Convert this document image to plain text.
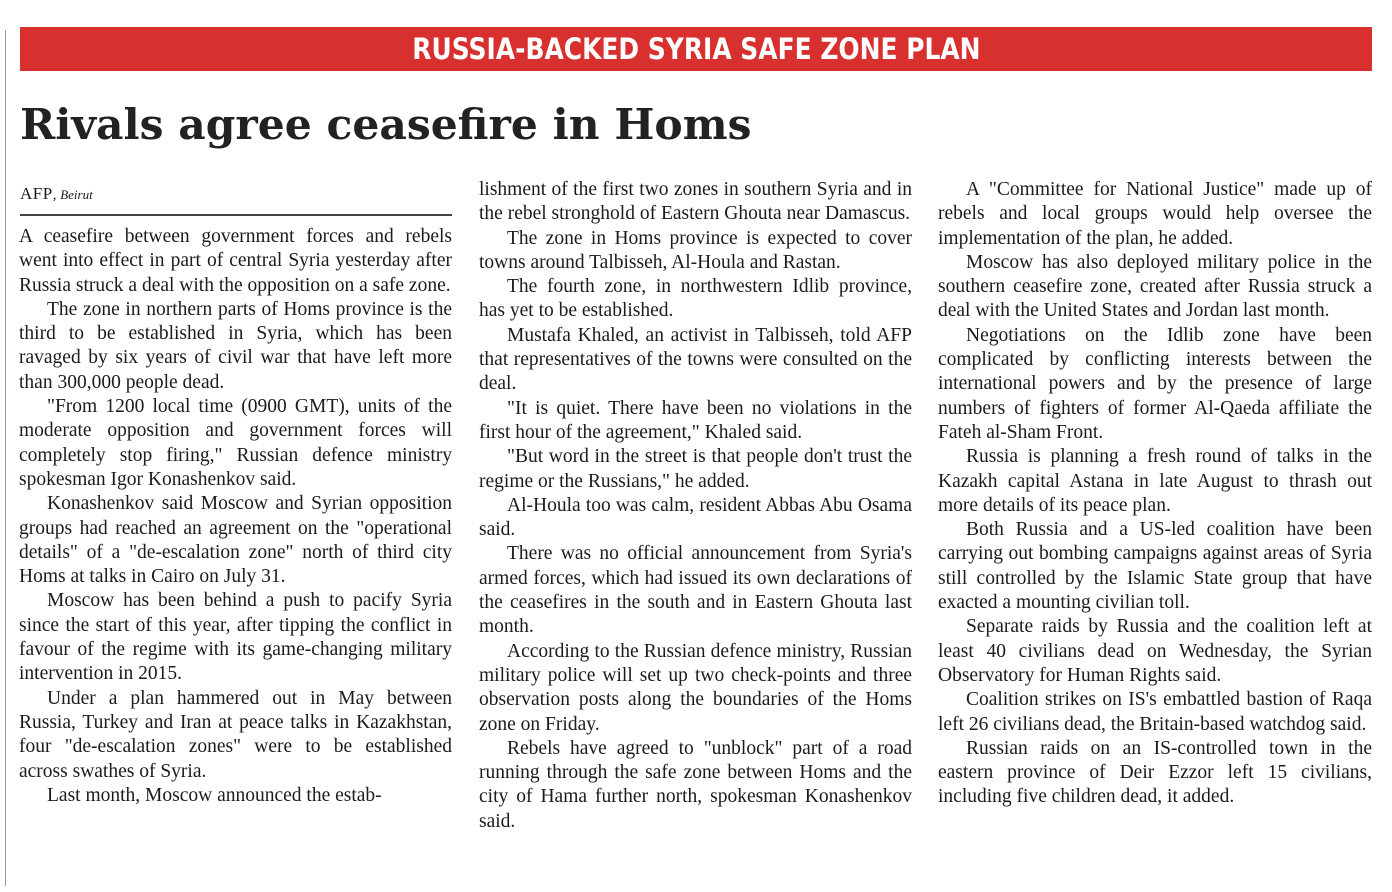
RUSSIA-BACKED SYRIA SAFE ZONE PLAN
Rivals agree ceasefire in Homs
AFP, Beirut

A ceasefire between government forces and rebels went into effect in part of central Syria yesterday after Russia struck a deal with the opposition on a safe zone.

The zone in northern parts of Homs province is the third to be established in Syria, which has been ravaged by six years of civil war that have left more than 300,000 people dead.

"From 1200 local time (0900 GMT), units of the moderate opposition and government forces will completely stop firing," Russian defence ministry spokesman Igor Konashenkov said.

Konashenkov said Moscow and Syrian opposition groups had reached an agreement on the "operational details" of a "de-escalation zone" north of third city Homs at talks in Cairo on July 31.

Moscow has been behind a push to pacify Syria since the start of this year, after tipping the conflict in favour of the regime with its game-changing military intervention in 2015.

Under a plan hammered out in May between Russia, Turkey and Iran at peace talks in Kazakhstan, four "de-escalation zones" were to be established across swathes of Syria.

Last month, Moscow announced the estab-

lishment of the first two zones in southern Syria and in the rebel stronghold of Eastern Ghouta near Damascus.

The zone in Homs province is expected to cover towns around Talbisseh, Al-Houla and Rastan.

The fourth zone, in northwestern Idlib province, has yet to be established.

Mustafa Khaled, an activist in Talbisseh, told AFP that representatives of the towns were consulted on the deal.

"It is quiet. There have been no violations in the first hour of the agreement," Khaled said.

"But word in the street is that people don't trust the regime or the Russians," he added.

Al-Houla too was calm, resident Abbas Abu Osama said.

There was no official announcement from Syria's armed forces, which had issued its own declarations of the ceasefires in the south and in Eastern Ghouta last month.

According to the Russian defence ministry, Russian military police will set up two check-points and three observation posts along the boundaries of the Homs zone on Friday.

Rebels have agreed to "unblock" part of a road running through the safe zone between Homs and the city of Hama further north, spokesman Konashenkov said.

A "Committee for National Justice" made up of rebels and local groups would help oversee the implementation of the plan, he added.

Moscow has also deployed military police in the southern ceasefire zone, created after Russia struck a deal with the United States and Jordan last month.

Negotiations on the Idlib zone have been complicated by conflicting interests between the international powers and by the presence of large numbers of fighters of former Al-Qaeda affiliate the Fateh al-Sham Front.

Russia is planning a fresh round of talks in the Kazakh capital Astana in late August to thrash out more details of its peace plan.

Both Russia and a US-led coalition have been carrying out bombing campaigns against areas of Syria still controlled by the Islamic State group that have exacted a mounting civilian toll.

Separate raids by Russia and the coalition left at least 40 civilians dead on Wednesday, the Syrian Observatory for Human Rights said.

Coalition strikes on IS's embattled bastion of Raqa left 26 civilians dead, the Britain-based watchdog said.

Russian raids on an IS-controlled town in the eastern province of Deir Ezzor left 15 civilians, including five children dead, it added.
